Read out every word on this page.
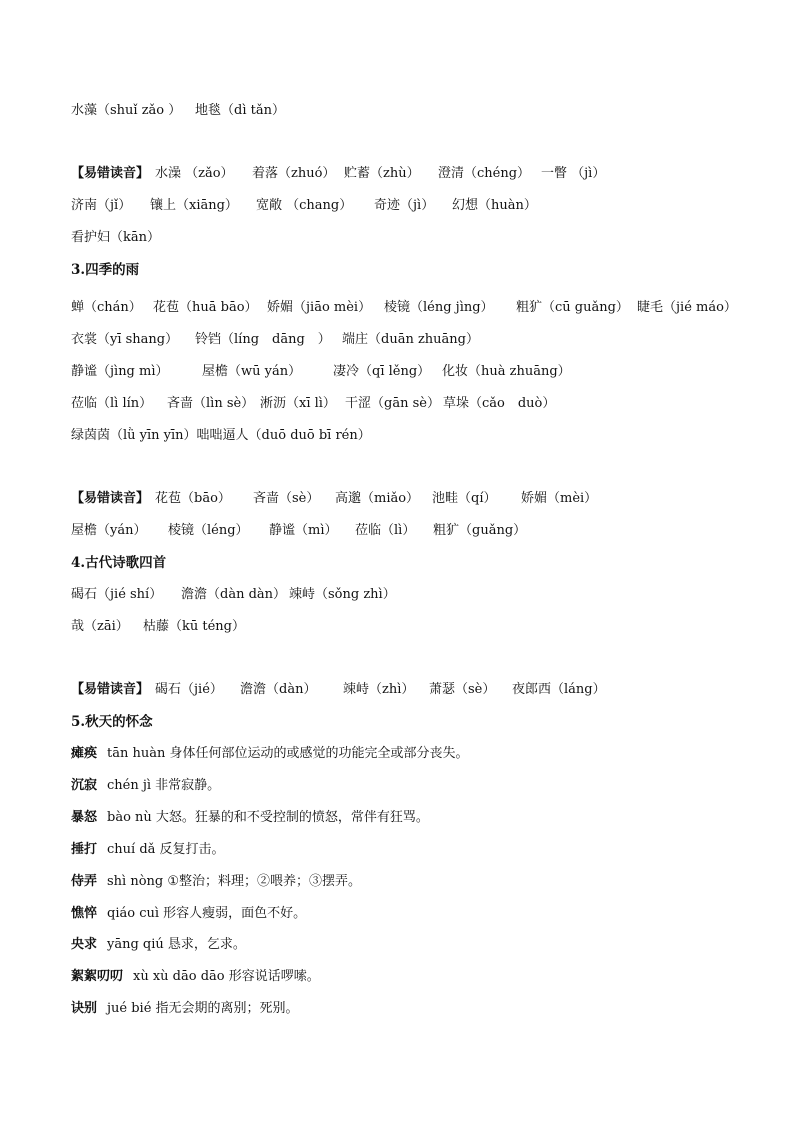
水藻（shuǐ zǎo ） 地毯（dì tǎn）
【易错读音】 水澡 （zǎo） 着落（zhuó） 贮蓄（zhù） 澄清（chéng） 一瞥 （jì）
济南（jǐ） 镶上（xiāng） 宽敞 （chang） 奇迹（jì） 幻想（huàn）
看护妇（kān）
3.四季的雨
蝉（chán） 花苞（huā bāo） 娇媚（jiāo mèi） 棱镜（léng jìng） 粗犷（cū guǎng） 睫毛（jié máo）
衣裳（yī shang） 铃铛（líng　dāng　） 端庄（duān zhuāng）
静谧（jìng mì）	屋檐（wū yán） 凄冷（qī lěng） 化妆（huà zhuāng）
莅临（lì lín） 吝啬（lìn sè） 淅沥（xī lì） 干涩（gān sè） 草垛（cǎo　duò）
绿茵茵（lǜ yīn yīn）咄咄逼人（duō duō bī rén）
【易错读音】 花苞（bāo） 吝啬（sè） 高邈（miǎo） 池畦（qí） 娇媚（mèi）
屋檐（yán） 棱镜（léng） 静谧（mì） 莅临（lì） 粗犷（guǎng）
4.古代诗歌四首
碣石（jié shí） 澹澹（dàn dàn） 竦峙（sǒng zhì）
哉（zāi） 枯藤（kū téng）
【易错读音】 碣石（jié） 澹澹（dàn） 竦峙（zhì） 萧瑟（sè） 夜郎西（láng）
5.秋天的怀念
瘫痪 tān huàn 身体任何部位运动的或感觉的功能完全或部分丧失。
沉寂 chén jì 非常寂静。
暴怒 bào nù 大怒。狂暴的和不受控制的愤怒，常伴有狂骂。
捶打 chuí dǎ 反复打击。
侍弄 shì nòng ①整治；料理；②喂养；③摆弄。
憔悴 qiáo cuì 形容人瘦弱，面色不好。
央求 yāng qiú 恳求，乞求。
絮絮叨叨 xù xù dāo dāo 形容说话啰嗦。
诀别 jué bié 指无会期的离别；死别。
